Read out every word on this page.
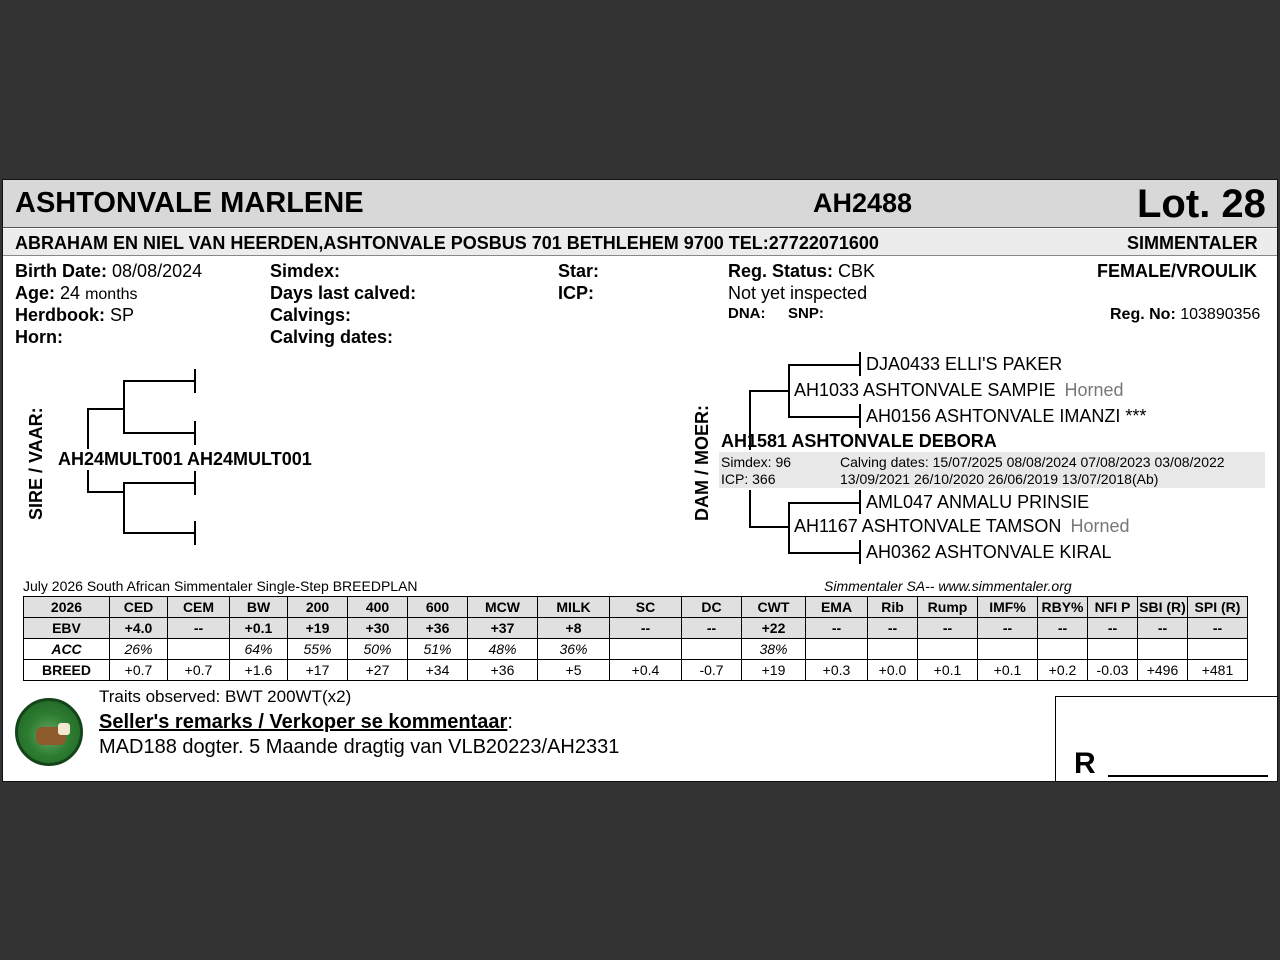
ASHTONVALE MARLENE	AH2488	Lot. 28
ABRAHAM EN NIEL VAN HEERDEN,ASHTONVALE POSBUS 701 BETHLEHEM 9700 TEL:27722071600	SIMMENTALER
Birth Date: 08/08/2024
Age: 24 months
Herdbook: SP
Horn:
Simdex:
Days last calved:
Calvings:
Calving dates:
Star:
ICP:
Reg. Status: CBK
Not yet inspected
DNA: SNP:
FEMALE/VROULIK
Reg. No: 103890356
SIRE / VAAR: AH24MULT001 AH24MULT001	DAM / MOER:
DJA0433 ELLI'S PAKER
AH1033 ASHTONVALE SAMPIE Horned
AH0156 ASHTONVALE IMANZI ***
AH1581 ASHTONVALE DEBORA
Simdex: 96
ICP: 366
Calving dates: 15/07/2025 08/08/2024 07/08/2023 03/08/2022
13/09/2021 26/10/2020 26/06/2019 13/07/2018(Ab)
AML047 ANMALU PRINSIE
AH1167 ASHTONVALE TAMSON Horned
AH0362 ASHTONVALE KIRAL
July 2026 South African Simmentaler Single-Step BREEDPLAN	Simmentaler SA-- www.simmentaler.org
2026	CED	CEM	BW	200	400	600	MCW	MILK	SC	DC	CWT	EMA	Rib	Rump	IMF%	RBY%	NFI P	SBI (R)	SPI (R)
EBV	+4.0	--	+0.1	+19	+30	+36	+37	+8	--	--	+22	--	--	--	--	--	--	--	--
ACC	26%		64%	55%	50%	51%	48%	36%			38%								
BREED	+0.7	+0.7	+1.6	+17	+27	+34	+36	+5	+0.4	-0.7	+19	+0.3	+0.0	+0.1	+0.1	+0.2	-0.03	+496	+481
Traits observed: BWT 200WT(x2)
Seller's remarks / Verkoper se kommentaar:
MAD188 dogter. 5 Maande dragtig van VLB20223/AH2331	R
